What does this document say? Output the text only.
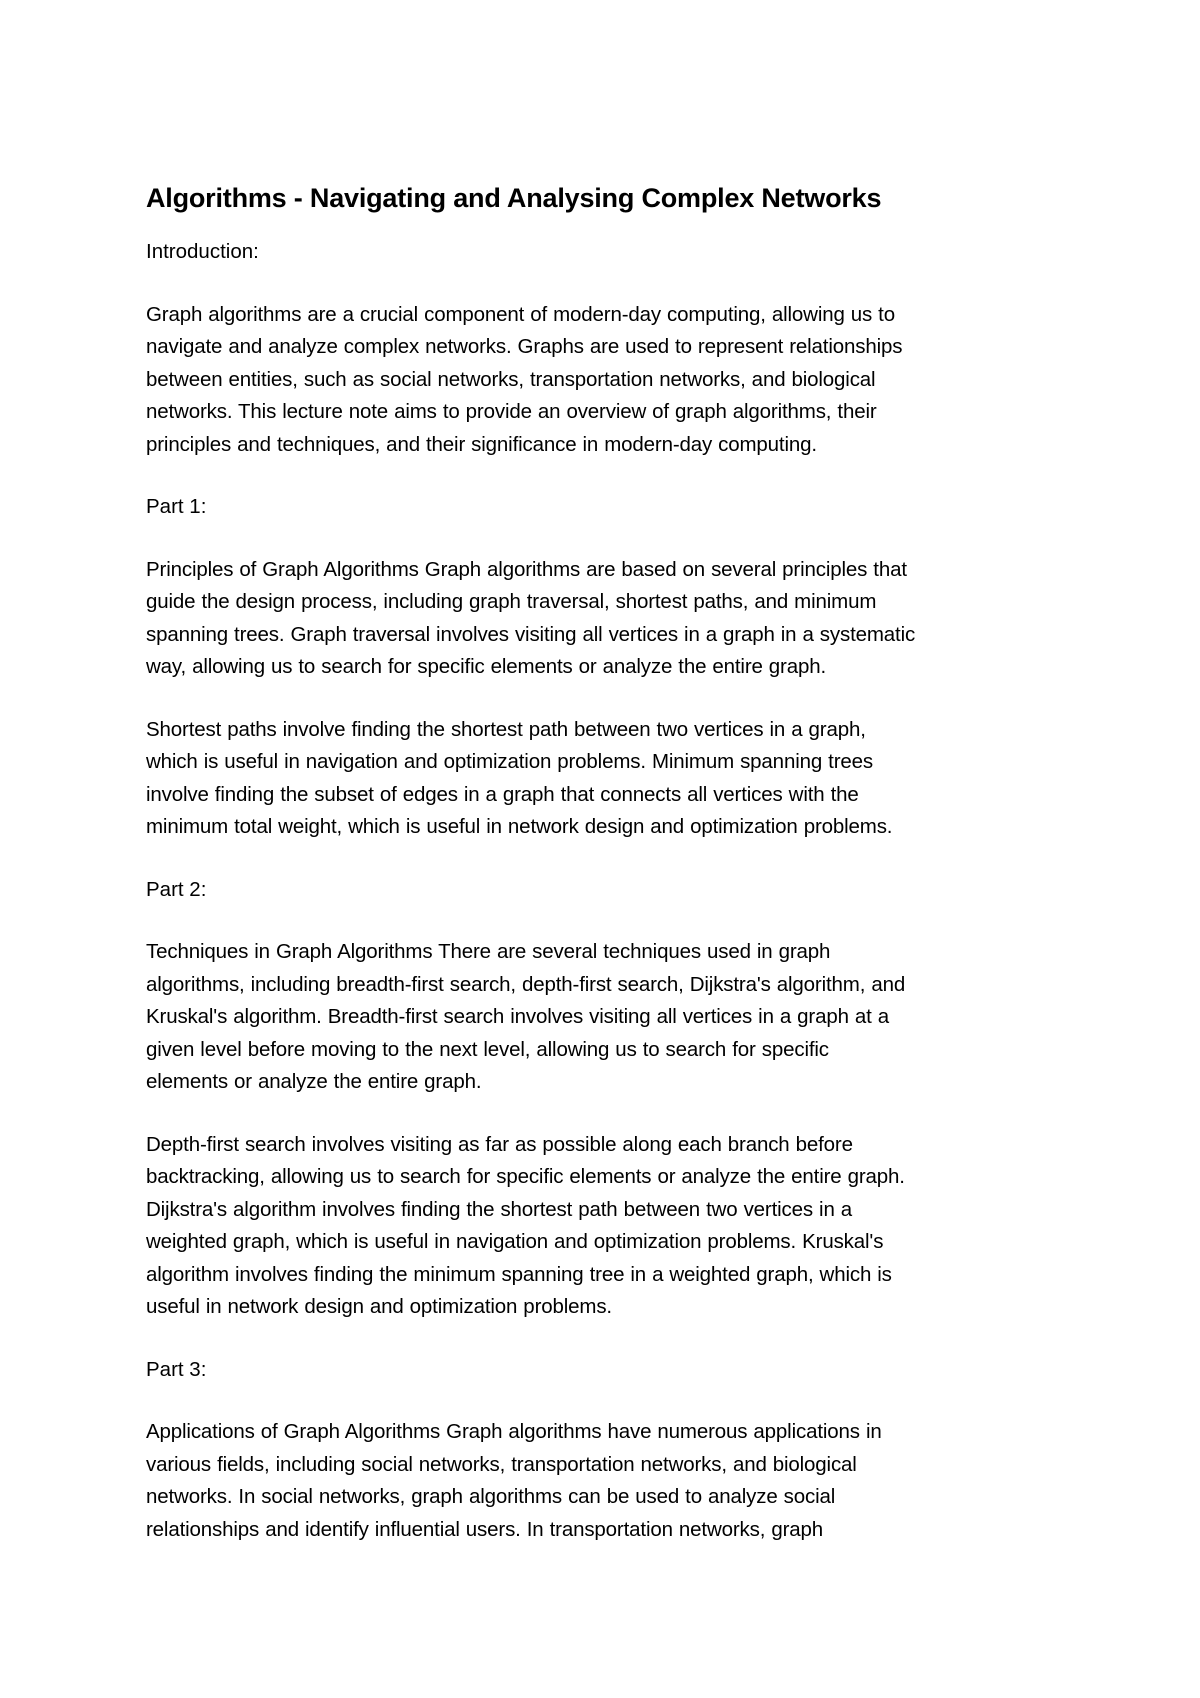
Algorithms - Navigating and Analysing Complex Networks
Introduction:
Graph algorithms are a crucial component of modern-day computing, allowing us to
navigate and analyze complex networks. Graphs are used to represent relationships
between entities, such as social networks, transportation networks, and biological
networks. This lecture note aims to provide an overview of graph algorithms, their
principles and techniques, and their significance in modern-day computing.
Part 1:
Principles of Graph Algorithms Graph algorithms are based on several principles that
guide the design process, including graph traversal, shortest paths, and minimum
spanning trees. Graph traversal involves visiting all vertices in a graph in a systematic
way, allowing us to search for specific elements or analyze the entire graph.
Shortest paths involve finding the shortest path between two vertices in a graph,
which is useful in navigation and optimization problems. Minimum spanning trees
involve finding the subset of edges in a graph that connects all vertices with the
minimum total weight, which is useful in network design and optimization problems.
Part 2:
Techniques in Graph Algorithms There are several techniques used in graph
algorithms, including breadth-first search, depth-first search, Dijkstra's algorithm, and
Kruskal's algorithm. Breadth-first search involves visiting all vertices in a graph at a
given level before moving to the next level, allowing us to search for specific
elements or analyze the entire graph.
Depth-first search involves visiting as far as possible along each branch before
backtracking, allowing us to search for specific elements or analyze the entire graph.
Dijkstra's algorithm involves finding the shortest path between two vertices in a
weighted graph, which is useful in navigation and optimization problems. Kruskal's
algorithm involves finding the minimum spanning tree in a weighted graph, which is
useful in network design and optimization problems.
Part 3:
Applications of Graph Algorithms Graph algorithms have numerous applications in
various fields, including social networks, transportation networks, and biological
networks. In social networks, graph algorithms can be used to analyze social
relationships and identify influential users. In transportation networks, graph
